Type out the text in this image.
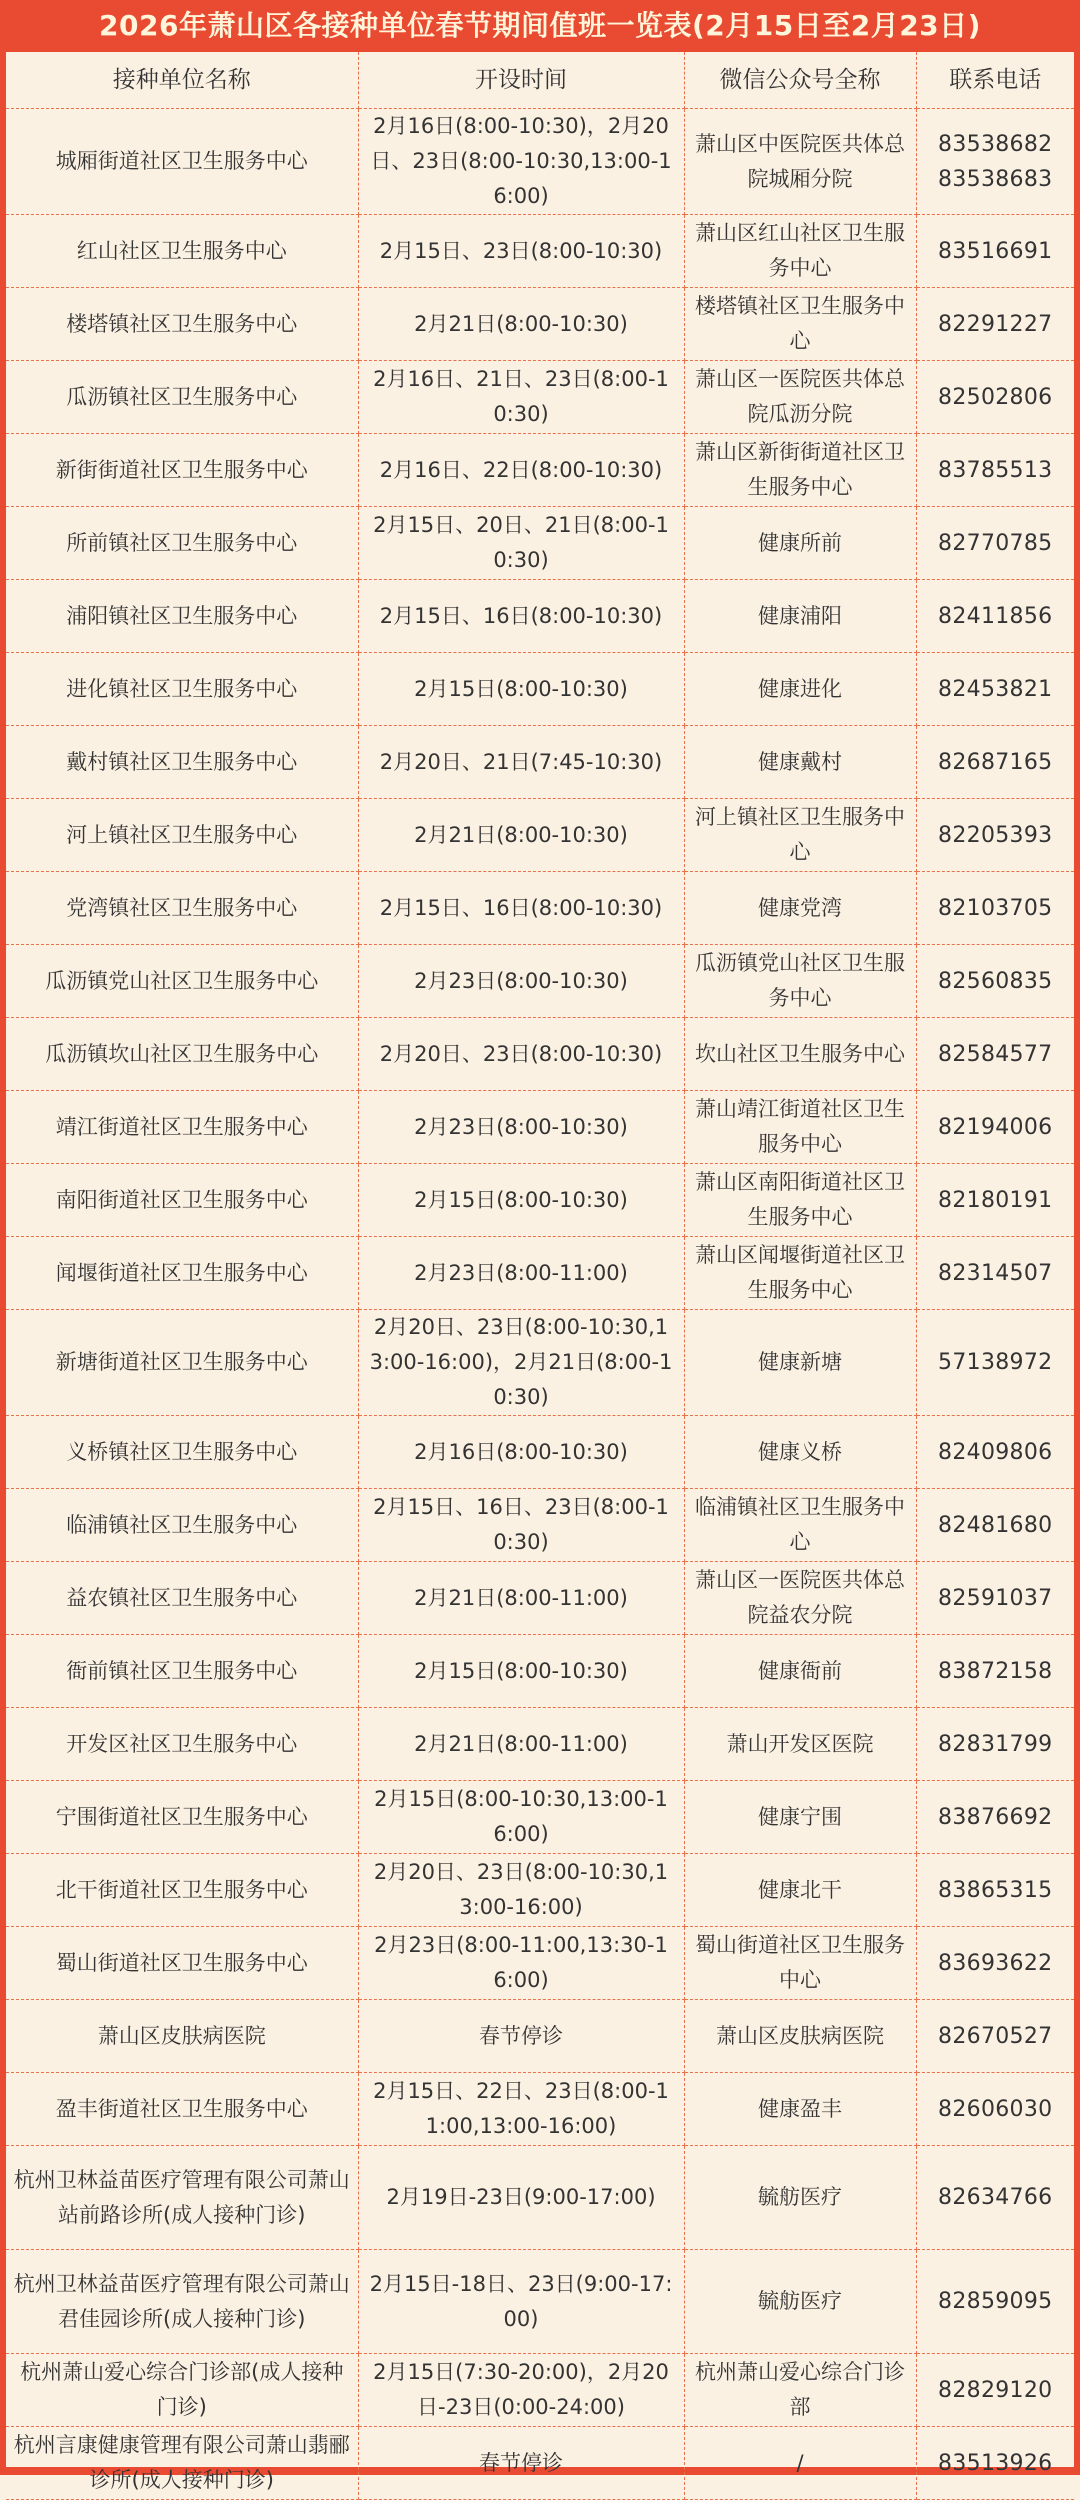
2026年萧山区各接种单位春节期间值班一览表(2月15日至2月23日)
接种单位名称	开设时间	微信公众号全称	联系电话
城厢街道社区卫生服务中心	2月16日(8:00-10:30)，2月20日、23日(8:00-10:30,13:00-16:00)	萧山区中医院医共体总院城厢分院	83538682
83538683
红山社区卫生服务中心	2月15日、23日(8:00-10:30)	萧山区红山社区卫生服务中心	83516691
楼塔镇社区卫生服务中心	2月21日(8:00-10:30)	楼塔镇社区卫生服务中心	82291227
瓜沥镇社区卫生服务中心	2月16日、21日、23日(8:00-10:30)	萧山区一医院医共体总院瓜沥分院	82502806
新街街道社区卫生服务中心	2月16日、22日(8:00-10:30)	萧山区新街街道社区卫生服务中心	83785513
所前镇社区卫生服务中心	2月15日、20日、21日(8:00-10:30)	健康所前	82770785
浦阳镇社区卫生服务中心	2月15日、16日(8:00-10:30)	健康浦阳	82411856
进化镇社区卫生服务中心	2月15日(8:00-10:30)	健康进化	82453821
戴村镇社区卫生服务中心	2月20日、21日(7:45-10:30)	健康戴村	82687165
河上镇社区卫生服务中心	2月21日(8:00-10:30)	河上镇社区卫生服务中心	82205393
党湾镇社区卫生服务中心	2月15日、16日(8:00-10:30)	健康党湾	82103705
瓜沥镇党山社区卫生服务中心	2月23日(8:00-10:30)	瓜沥镇党山社区卫生服务中心	82560835
瓜沥镇坎山社区卫生服务中心	2月20日、23日(8:00-10:30)	坎山社区卫生服务中心	82584577
靖江街道社区卫生服务中心	2月23日(8:00-10:30)	萧山靖江街道社区卫生服务中心	82194006
南阳街道社区卫生服务中心	2月15日(8:00-10:30)	萧山区南阳街道社区卫生服务中心	82180191
闻堰街道社区卫生服务中心	2月23日(8:00-11:00)	萧山区闻堰街道社区卫生服务中心	82314507
新塘街道社区卫生服务中心	2月20日、23日(8:00-10:30,13:00-16:00)，2月21日(8:00-10:30)	健康新塘	57138972
义桥镇社区卫生服务中心	2月16日(8:00-10:30)	健康义桥	82409806
临浦镇社区卫生服务中心	2月15日、16日、23日(8:00-10:30)	临浦镇社区卫生服务中心	82481680
益农镇社区卫生服务中心	2月21日(8:00-11:00)	萧山区一医院医共体总院益农分院	82591037
衙前镇社区卫生服务中心	2月15日(8:00-10:30)	健康衙前	83872158
开发区社区卫生服务中心	2月21日(8:00-11:00)	萧山开发区医院	82831799
宁围街道社区卫生服务中心	2月15日(8:00-10:30,13:00-16:00)	健康宁围	83876692
北干街道社区卫生服务中心	2月20日、23日(8:00-10:30,13:00-16:00)	健康北干	83865315
蜀山街道社区卫生服务中心	2月23日(8:00-11:00,13:30-16:00)	蜀山街道社区卫生服务中心	83693622
萧山区皮肤病医院	春节停诊	萧山区皮肤病医院	82670527
盈丰街道社区卫生服务中心	2月15日、22日、23日(8:00-11:00,13:00-16:00)	健康盈丰	82606030
杭州卫林益苗医疗管理有限公司萧山站前路诊所(成人接种门诊)	2月19日-23日(9:00-17:00)	毓舫医疗	82634766
杭州卫林益苗医疗管理有限公司萧山君佳园诊所(成人接种门诊)	2月15日-18日、23日(9:00-17:00)	毓舫医疗	82859095
杭州萧山爱心综合门诊部(成人接种门诊)	2月15日(7:30-20:00)，2月20日-23日(0:00-24:00)	杭州萧山爱心综合门诊部	82829120
杭州言康健康管理有限公司萧山翡郦诊所(成人接种门诊)	春节停诊	/	83513926
